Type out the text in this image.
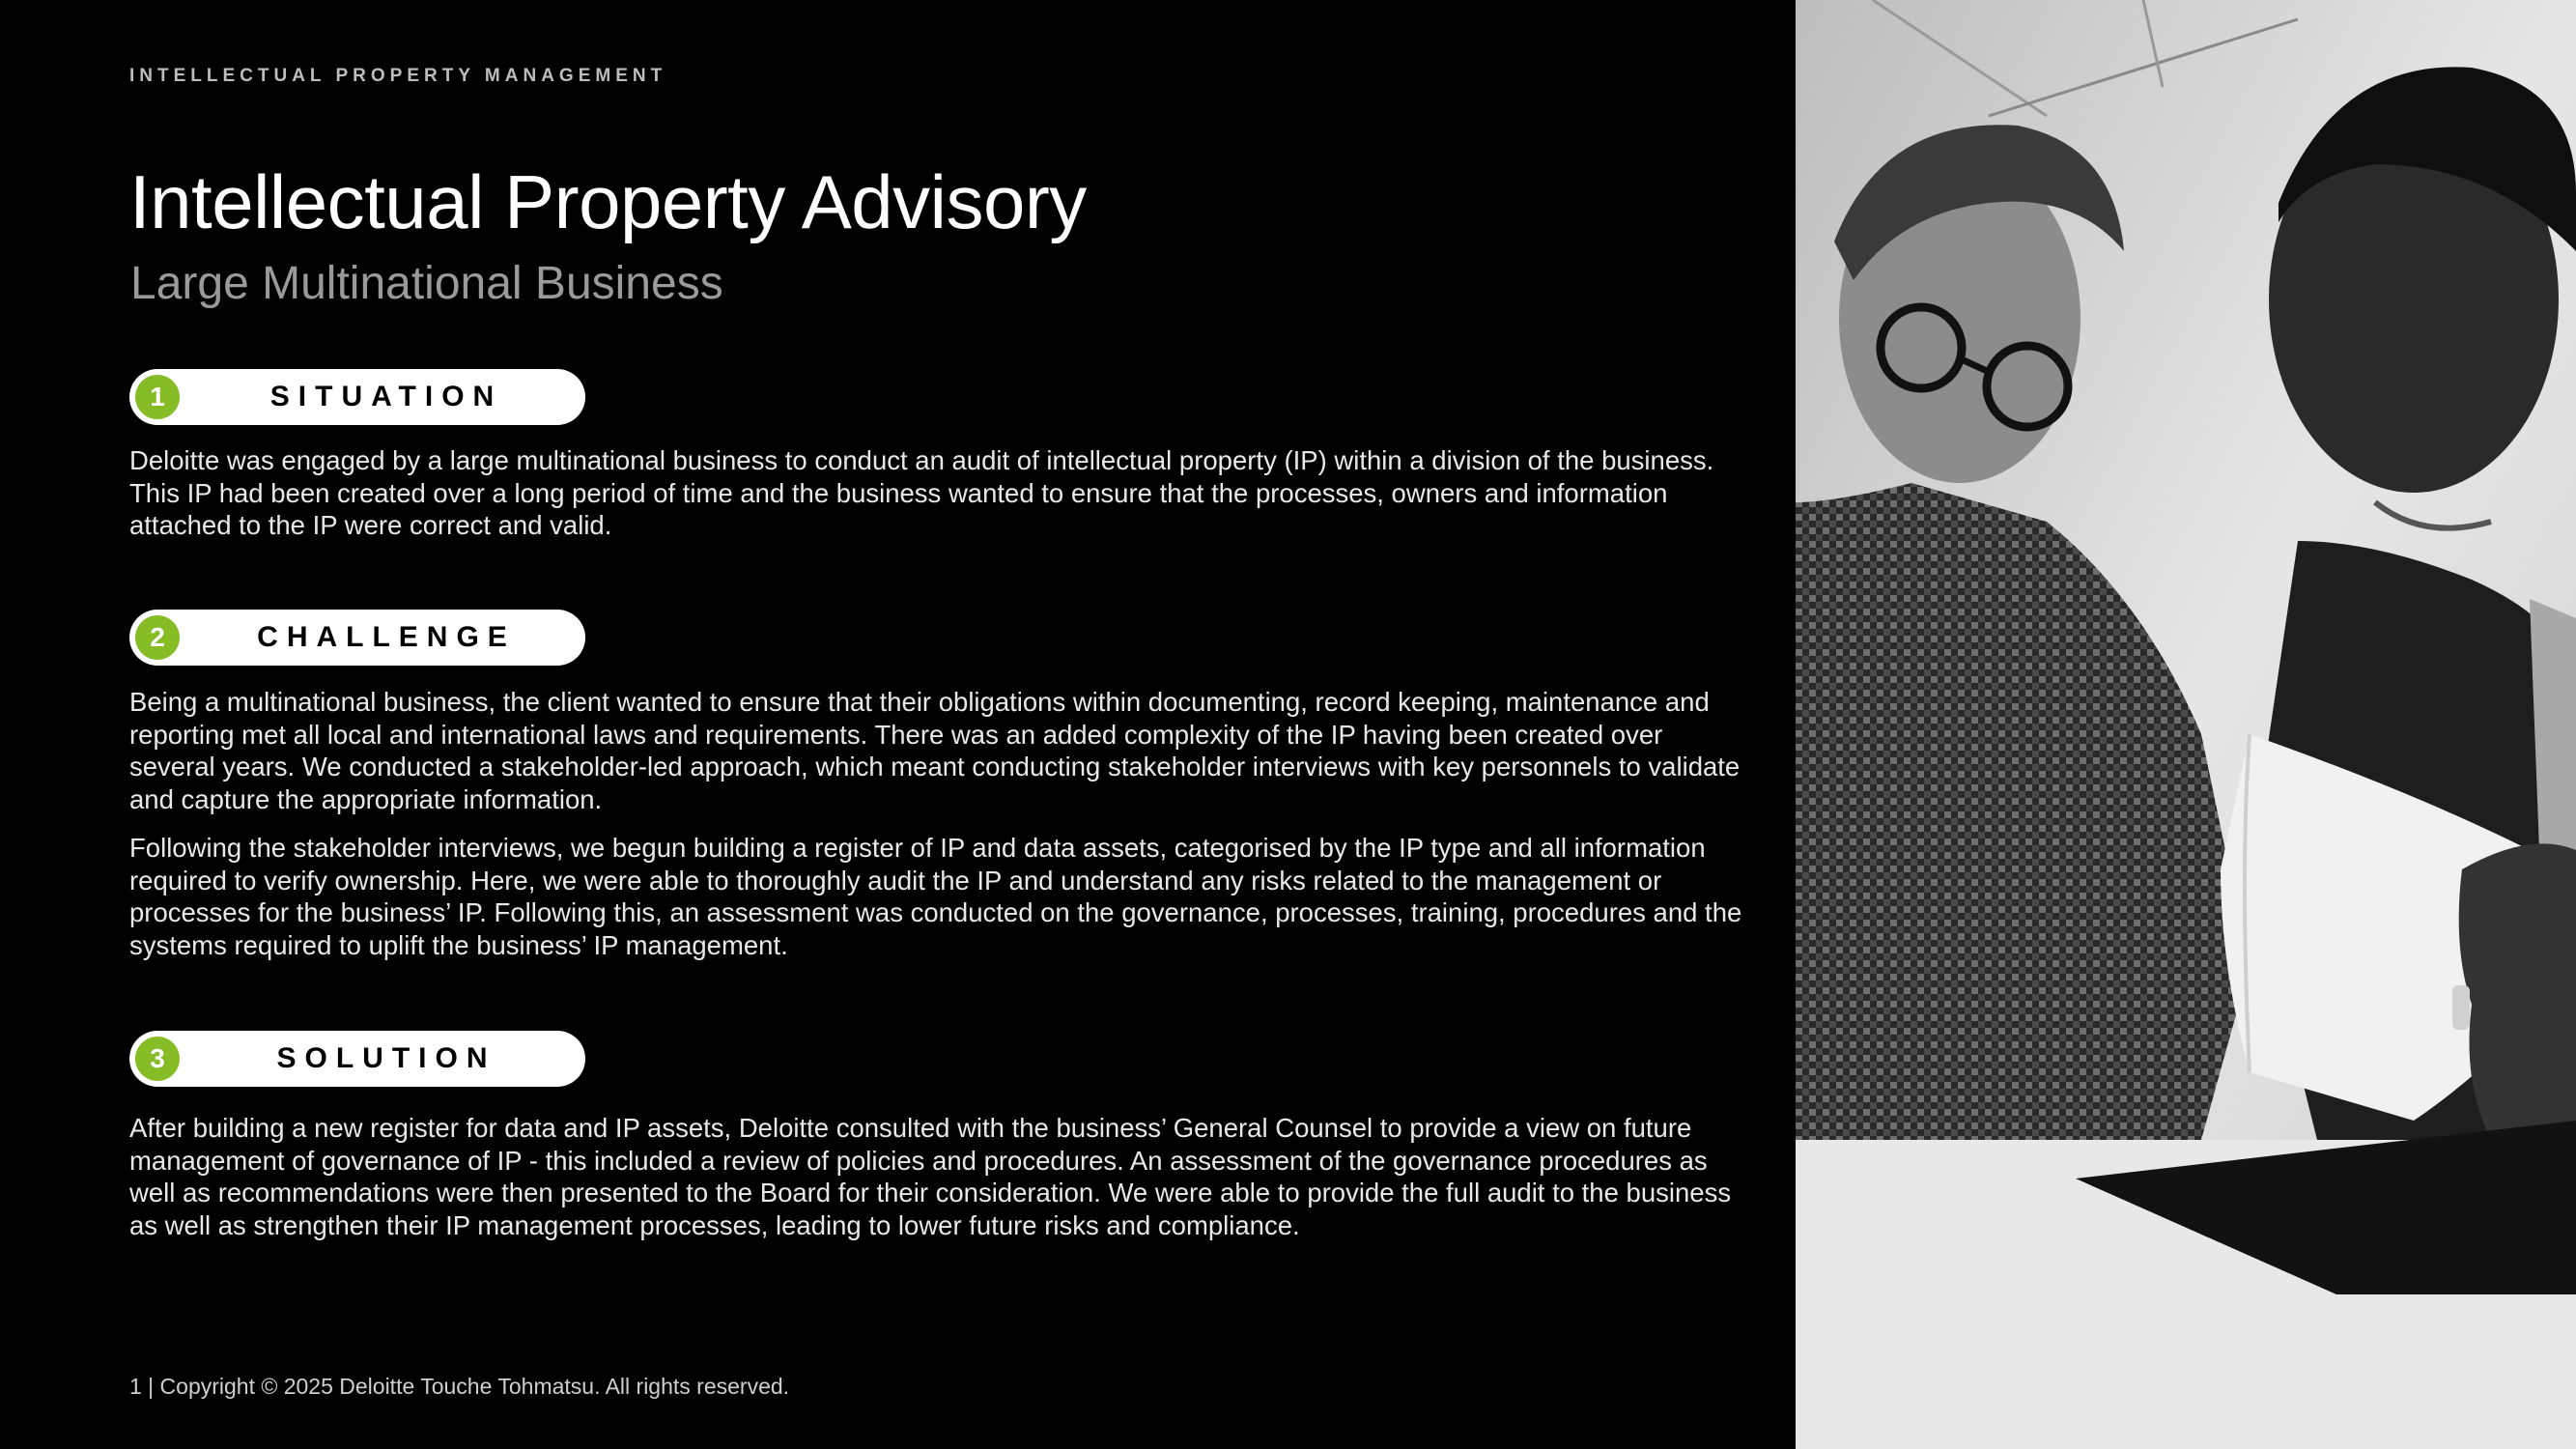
INTELLECTUAL PROPERTY MANAGEMENT
Intellectual Property Advisory
Large Multinational Business
1	SITUATION

Deloitte was engaged by a large multinational business to conduct an audit of intellectual property (IP) within a division of the business. This IP had been created over a long period of time and the business wanted to ensure that the processes, owners and information attached to the IP were correct and valid.

2	CHALLENGE

Being a multinational business, the client wanted to ensure that their obligations within documenting, record keeping, maintenance and reporting met all local and international laws and requirements. There was an added complexity of the IP having been created over several years. We conducted a stakeholder-led approach, which meant conducting stakeholder interviews with key personnels to validate and capture the appropriate information.

Following the stakeholder interviews, we begun building a register of IP and data assets, categorised by the IP type and all information required to verify ownership. Here, we were able to thoroughly audit the IP and understand any risks related to the management or processes for the business’ IP. Following this, an assessment was conducted on the governance, processes, training, procedures and the systems required to uplift the business’ IP management.

3	SOLUTION

After building a new register for data and IP assets, Deloitte consulted with the business’ General Counsel to provide a view on future management of governance of IP - this included a review of policies and procedures. An assessment of the governance procedures as well as recommendations were then presented to the Board for their consideration. We were able to provide the full audit to the business as well as strengthen their IP management processes, leading to lower future risks and compliance.

1 | Copyright © 2025 Deloitte Touche Tohmatsu. All rights reserved.
